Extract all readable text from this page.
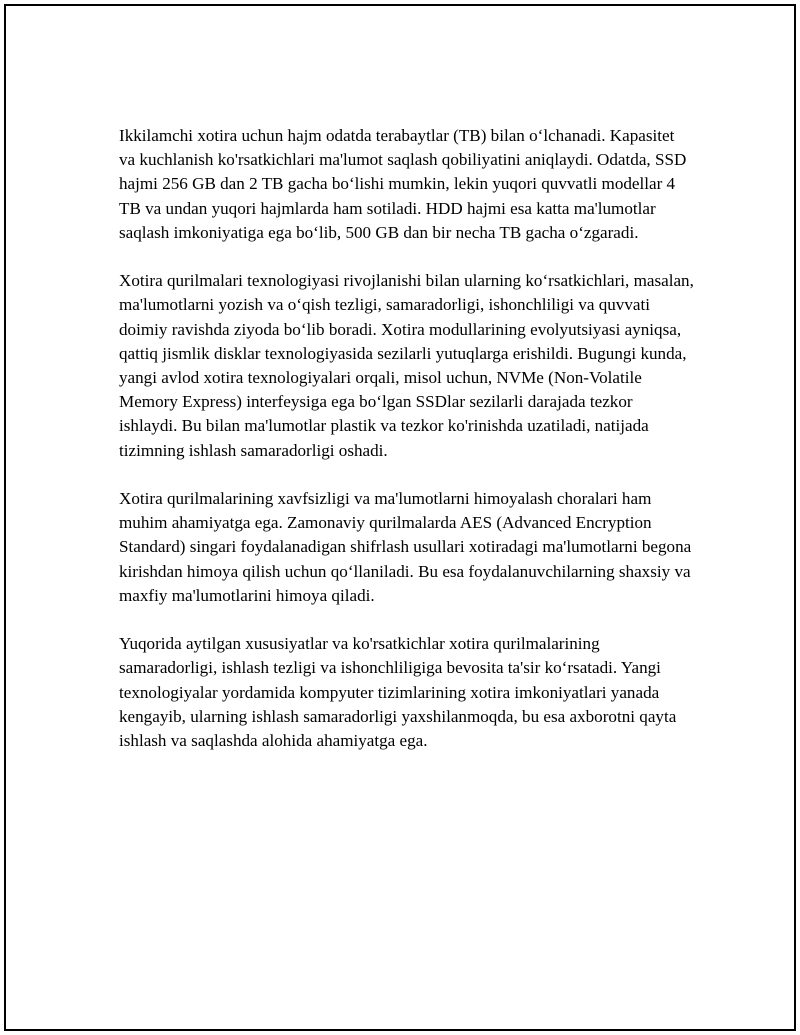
Ikkilamchi xotira uchun hajm odatda terabaytlar (TB) bilan oʻlchanadi. Kapasitet va kuchlanish ko'rsatkichlari ma'lumot saqlash qobiliyatini aniqlaydi. Odatda, SSD hajmi 256 GB dan 2 TB gacha boʻlishi mumkin, lekin yuqori quvvatli modellar 4 TB va undan yuqori hajmlarda ham sotiladi. HDD hajmi esa katta ma'lumotlar saqlash imkoniyatiga ega boʻlib, 500 GB dan bir necha TB gacha oʻzgaradi.

Xotira qurilmalari texnologiyasi rivojlanishi bilan ularning koʻrsatkichlari, masalan, ma'lumotlarni yozish va oʻqish tezligi, samaradorligi, ishonchliligi va quvvati doimiy ravishda ziyoda boʻlib boradi. Xotira modullarining evolyutsiyasi ayniqsa, qattiq jismlik disklar texnologiyasida sezilarli yutuqlarga erishildi. Bugungi kunda, yangi avlod xotira texnologiyalari orqali, misol uchun, NVMe (Non-Volatile Memory Express) interfeysiga ega boʻlgan SSDlar sezilarli darajada tezkor ishlaydi. Bu bilan ma'lumotlar plastik va tezkor ko'rinishda uzatiladi, natijada tizimning ishlash samaradorligi oshadi.

Xotira qurilmalarining xavfsizligi va ma'lumotlarni himoyalash choralari ham muhim ahamiyatga ega. Zamonaviy qurilmalarda AES (Advanced Encryption Standard) singari foydalanadigan shifrlash usullari xotiradagi ma'lumotlarni begona kirishdan himoya qilish uchun qoʻllaniladi. Bu esa foydalanuvchilarning shaxsiy va maxfiy ma'lumotlarini himoya qiladi.

Yuqorida aytilgan xususiyatlar va ko'rsatkichlar xotira qurilmalarining samaradorligi, ishlash tezligi va ishonchliligiga bevosita ta'sir koʻrsatadi. Yangi texnologiyalar yordamida kompyuter tizimlarining xotira imkoniyatlari yanada kengayib, ularning ishlash samaradorligi yaxshilanmoqda, bu esa axborotni qayta ishlash va saqlashda alohida ahamiyatga ega.
